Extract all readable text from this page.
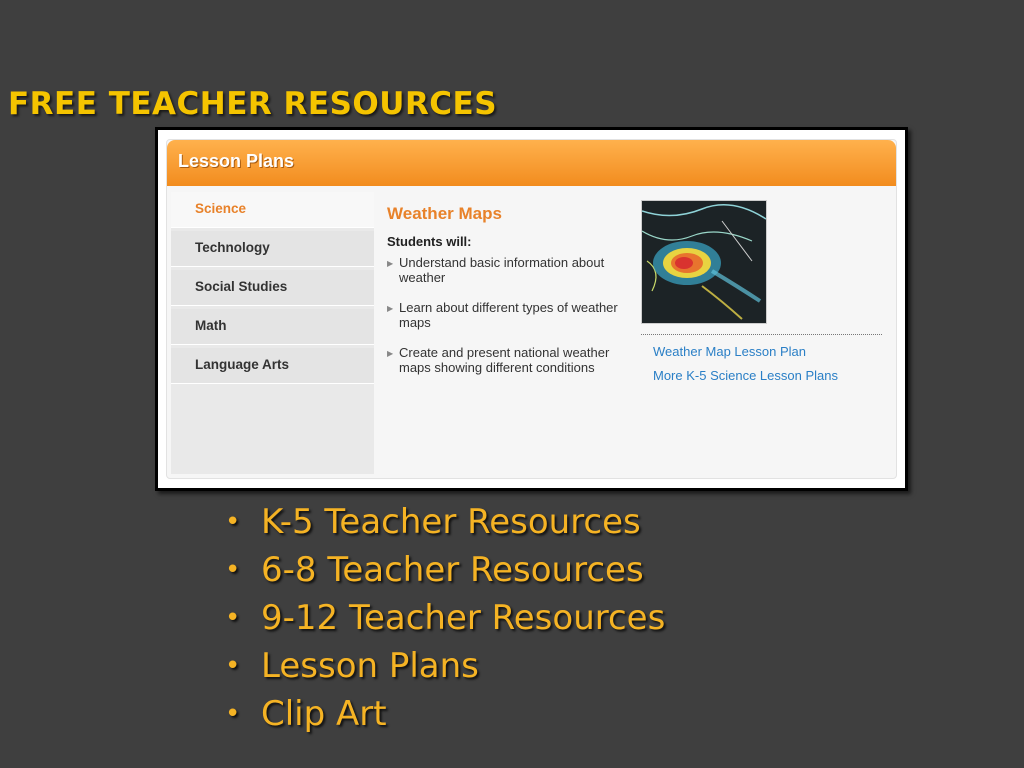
FREE TEACHER RESOURCES
Lesson Plans
Science
Technology
Social Studies
Math
Language Arts
Weather Maps
Students will:
▶ Understand basic information about weather
▶ Learn about different types of weather maps
▶ Create and present national weather maps showing different conditions
Weather Map Lesson Plan
More K-5 Science Lesson Plans
• K-5 Teacher Resources
• 6-8 Teacher Resources
• 9-12 Teacher Resources
• Lesson Plans
• Clip Art
